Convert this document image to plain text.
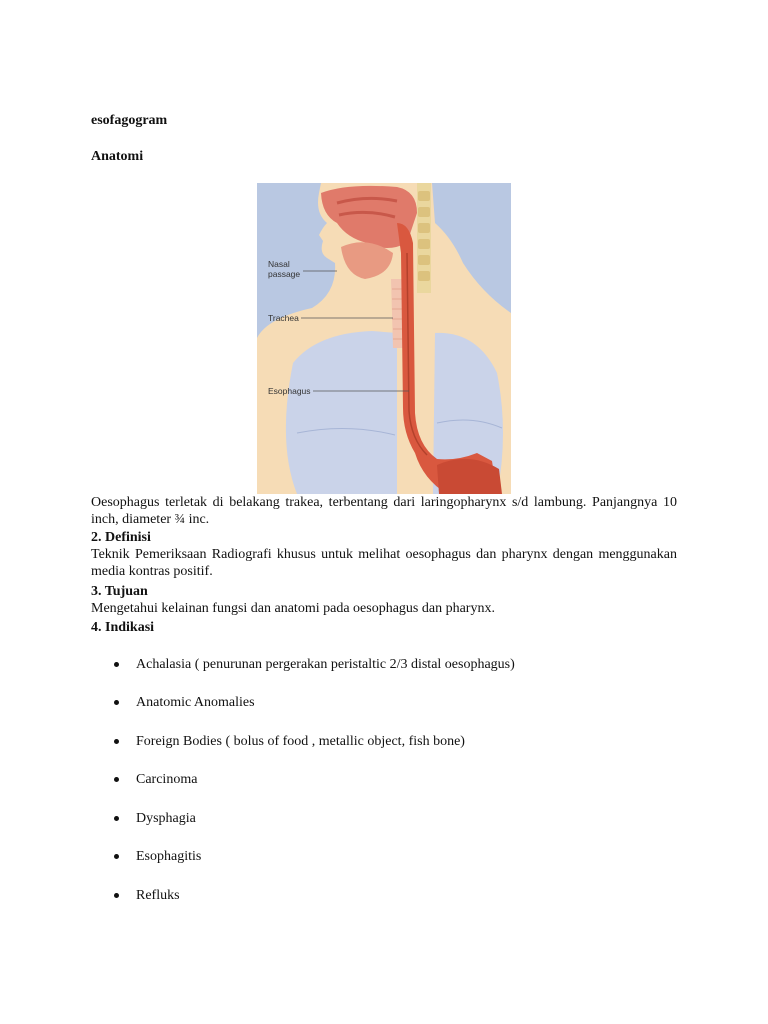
esofagogram
Anatomi
Nasal
passage
Trachea
Esophagus
Oesophagus terletak di belakang trakea, terbentang dari laringopharynx s/d lambung. Panjangnya 10 inch, diameter ¾ inc.
2. Definisi
Teknik Pemeriksaan Radiografi khusus untuk melihat oesophagus dan pharynx dengan menggunakan media kontras positif.
3. Tujuan
Mengetahui kelainan fungsi dan anatomi pada oesophagus dan pharynx.
4. Indikasi
Achalasia ( penurunan pergerakan peristaltic 2/3 distal oesophagus)
Anatomic Anomalies
Foreign Bodies ( bolus of food , metallic object, fish bone)
Carcinoma
Dysphagia
Esophagitis
Refluks
